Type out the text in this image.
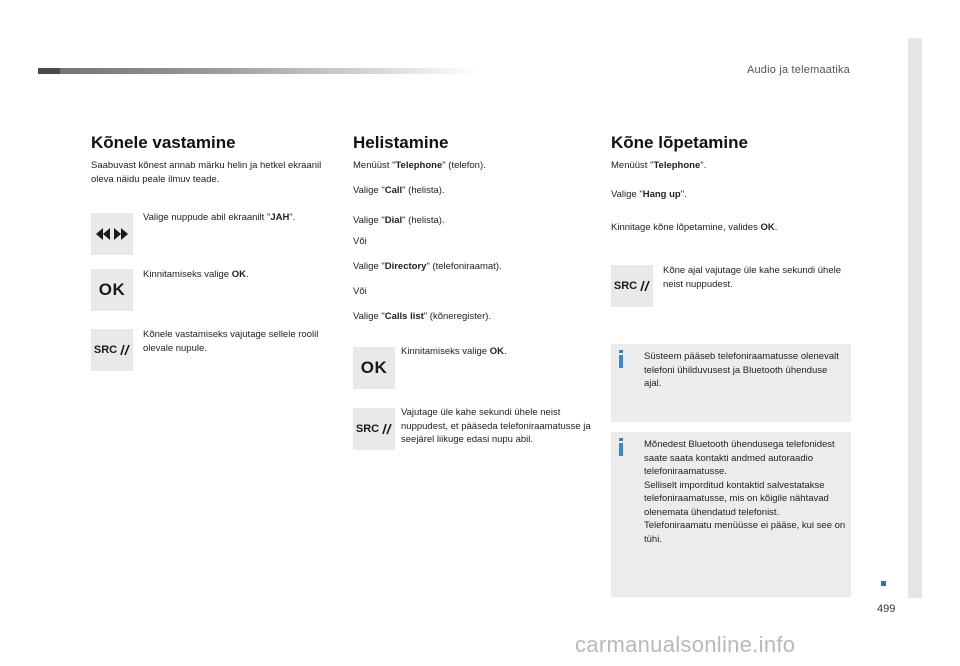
Audio ja telemaatika
499
Kõnele vastamine

Saabuvast kõnest annab märku helin ja hetkel ekraanil oleva näidu peale ilmuv teade.

Valige nuppude abil ekraanilt "JAH".

OK

Kinnitamiseks valige OK.

SRC

Kõnele vastamiseks vajutage sellele roolil olevale nupule.

Helistamine

Menüüst "Telephone" (telefon).

Valige "Call" (helista).

Valige "Dial" (helista).

Või

Valige "Directory" (telefoniraamat).

Või

Valige "Calls list" (kõneregister).

OK

Kinnitamiseks valige OK.

SRC

Vajutage üle kahe sekundi ühele neist nuppudest, et pääseda telefoniraamatusse ja seejärel liikuge edasi nupu abil.

Kõne lõpetamine

Menüüst "Telephone".

Valige "Hang up".

Kinnitage kõne lõpetamine, valides OK.

SRC

Kõne ajal vajutage üle kahe sekundi ühele neist nuppudest.

Süsteem pääseb telefoniraamatusse olenevalt telefoni ühilduvusest ja Bluetooth ühenduse ajal.

Mõnedest Bluetooth ühendusega telefonidest saate saata kontakti andmed autoraadio telefoniraamatusse.

Selliselt imporditud kontaktid salvestatakse telefoniraamatusse, mis on kõigile nähtavad olenemata ühendatud telefonist.

Telefoniraamatu menüüsse ei pääse, kui see on tühi.

carmanualsonline.info
